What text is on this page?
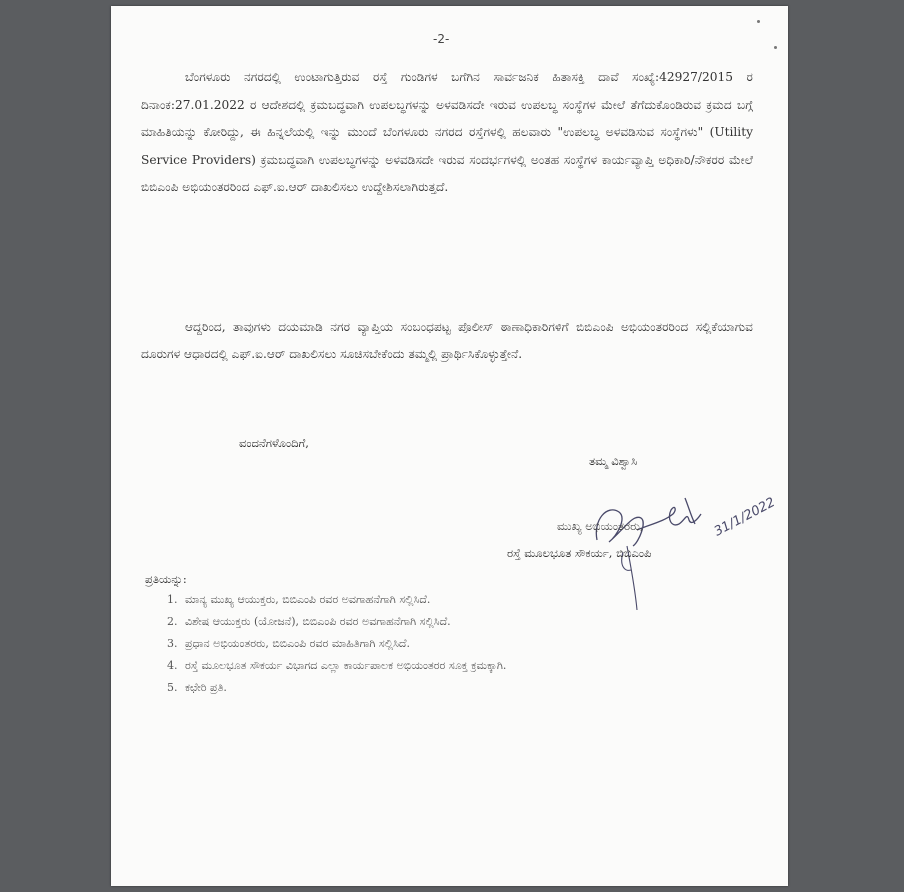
-2-
ಬೆಂಗಳೂರು ನಗರದಲ್ಲಿ ಉಂಟಾಗುತ್ತಿರುವ ರಸ್ತೆ ಗುಂಡಿಗಳ ಬಗೆಗಿನ ಸಾರ್ವಜನಿಕ ಹಿತಾಸಕ್ತಿ ದಾವೆ ಸಂಖ್ಯೆ:42927/2015 ರ ದಿನಾಂಕ:27.01.2022 ರ ಆದೇಶದಲ್ಲಿ ಕ್ರಮಬದ್ಧವಾಗಿ ಉಪಲಬ್ಧಗಳನ್ನು ಅಳವಡಿಸದೇ ಇರುವ ಉಪಲಬ್ಧ ಸಂಸ್ಥೆಗಳ ಮೇಲೆ ತೆಗೆದುಕೊಂಡಿರುವ ಕ್ರಮದ ಬಗ್ಗೆ ಮಾಹಿತಿಯನ್ನು ಕೋರಿದ್ದು, ಈ ಹಿನ್ನಲೆಯಲ್ಲಿ ಇನ್ನು ಮುಂದೆ ಬೆಂಗಳೂರು ನಗರದ ರಸ್ತೆಗಳಲ್ಲಿ ಹಲವಾರು "ಉಪಲಬ್ಧ ಅಳವಡಿಸುವ ಸಂಸ್ಥೆಗಳು" (Utility Service Providers) ಕ್ರಮಬದ್ಧವಾಗಿ ಉಪಲಬ್ಧಗಳನ್ನು ಅಳವಡಿಸದೇ ಇರುವ ಸಂದರ್ಭಗಳಲ್ಲಿ ಅಂತಹ ಸಂಸ್ಥೆಗಳ ಕಾರ್ಯವ್ಯಾಪ್ತಿ ಅಧಿಕಾರಿ/ನೌಕರರ ಮೇಲೆ ಬಿಬಿಎಂಪಿ ಅಭಿಯಂತರರಿಂದ ಎಫ್.ಐ.ಆರ್ ದಾಖಲಿಸಲು ಉದ್ದೇಶಿಸಲಾಗಿರುತ್ತದೆ.
ಆದ್ದರಿಂದ, ತಾವುಗಳು ದಯಮಾಡಿ ನಗರ ವ್ಯಾಪ್ತಿಯ ಸಂಬಂಧಪಟ್ಟ ಪೊಲೀಸ್ ಠಾಣಾಧಿಕಾರಿಗಳಿಗೆ ಬಿಬಿಎಂಪಿ ಅಭಿಯಂತರರಿಂದ ಸಲ್ಲಿಕೆಯಾಗುವ ದೂರುಗಳ ಆಧಾರದಲ್ಲಿ ಎಫ್.ಐ.ಆರ್ ದಾಖಲಿಸಲು ಸೂಚಿಸಬೇಕೆಂದು ತಮ್ಮಲ್ಲಿ ಪ್ರಾರ್ಥಿಸಿಕೊಳ್ಳುತ್ತೇನೆ.
ವಂದನೆಗಳೊಂದಿಗೆ,
ತಮ್ಮ ವಿಶ್ವಾಸಿ
31/1/2022
ಮುಖ್ಯ ಅಭಿಯಂತರರು,
ರಸ್ತೆ ಮೂಲಭೂತ ಸೌಕರ್ಯ, ಬಿಬಿಎಂಪಿ
ಪ್ರತಿಯನ್ನು:
1. ಮಾನ್ಯ ಮುಖ್ಯ ಆಯುಕ್ತರು, ಬಿಬಿಎಂಪಿ ರವರ ಅವಗಾಹನೆಗಾಗಿ ಸಲ್ಲಿಸಿದೆ.
2. ವಿಶೇಷ ಆಯುಕ್ತರು (ಯೋಜನೆ), ಬಿಬಿಎಂಪಿ ರವರ ಅವಗಾಹನೆಗಾಗಿ ಸಲ್ಲಿಸಿದೆ.
3. ಪ್ರಧಾನ ಅಭಿಯಂತರರು, ಬಿಬಿಎಂಪಿ ರವರ ಮಾಹಿತಿಗಾಗಿ ಸಲ್ಲಿಸಿದೆ.
4. ರಸ್ತೆ ಮೂಲಭೂತ ಸೌಕರ್ಯ ವಿಭಾಗದ ಎಲ್ಲಾ ಕಾರ್ಯಪಾಲಕ ಅಭಿಯಂತರರ ಸೂಕ್ತ ಕ್ರಮಕ್ಕಾಗಿ.
5. ಕಛೇರಿ ಪ್ರತಿ.
